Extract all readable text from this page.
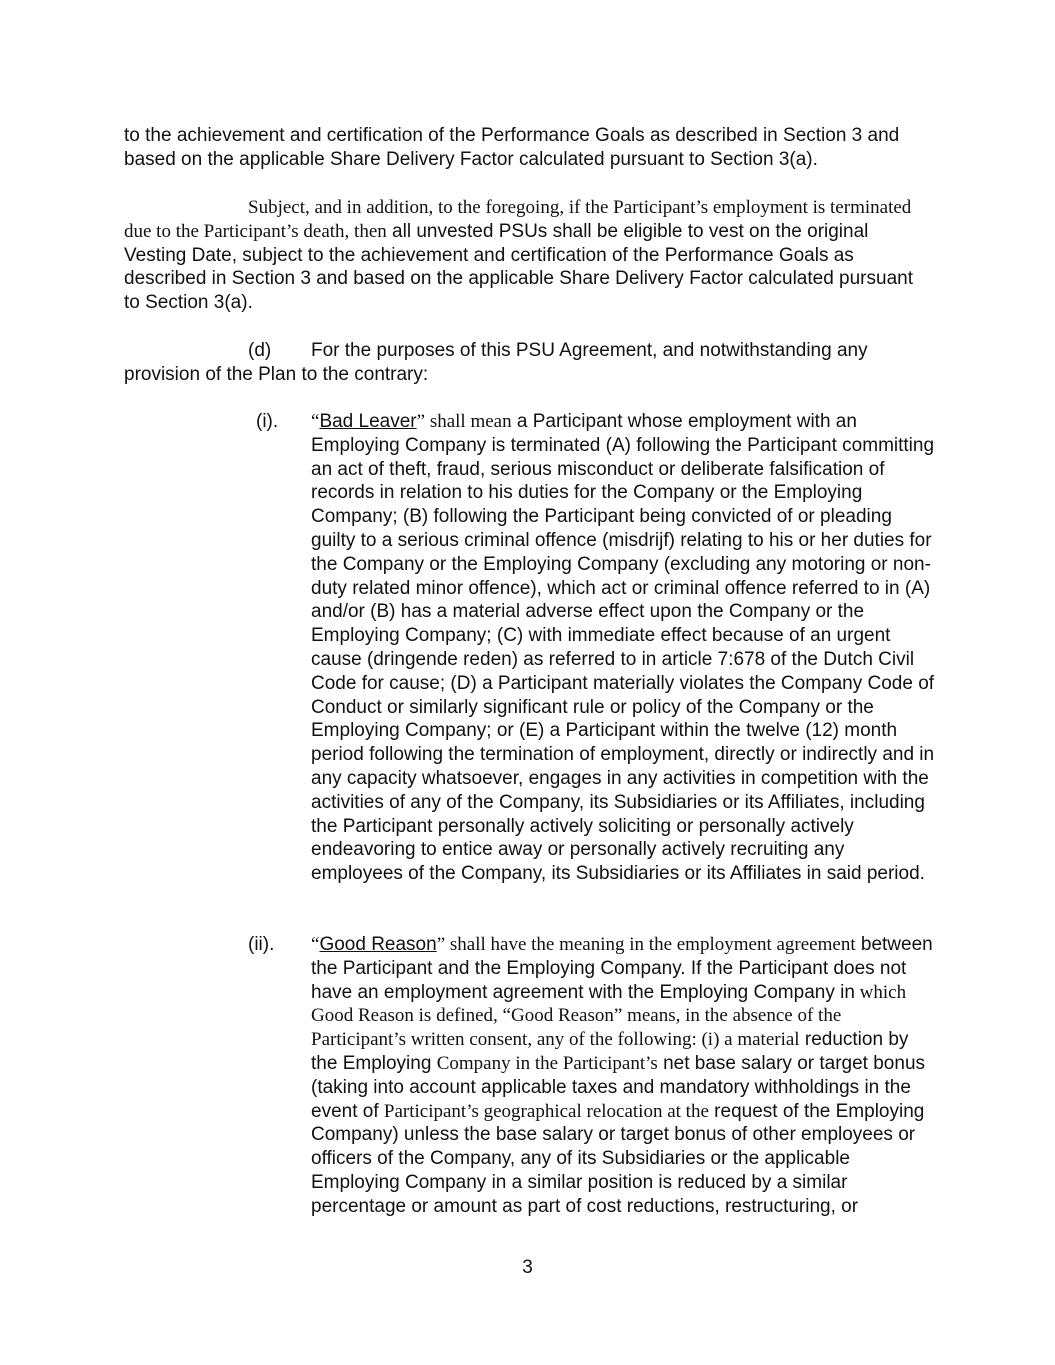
to the achievement and certification of the Performance Goals as described in Section 3 and based on the applicable Share Delivery Factor calculated pursuant to Section 3(a).

Subject, and in addition, to the foregoing, if the Participant’s employment is terminated due to the Participant’s death, then all unvested PSUs shall be eligible to vest on the original Vesting Date, subject to the achievement and certification of the Performance Goals as described in Section 3 and based on the applicable Share Delivery Factor calculated pursuant to Section 3(a).

(d) For the purposes of this PSU Agreement, and notwithstanding any provision of the Plan to the contrary:

(i). “Bad Leaver” shall mean a Participant whose employment with an Employing Company is terminated (A) following the Participant committing an act of theft, fraud, serious misconduct or deliberate falsification of records in relation to his duties for the Company or the Employing Company; (B) following the Participant being convicted of or pleading guilty to a serious criminal offence (misdrijf) relating to his or her duties for the Company or the Employing Company (excluding any motoring or non-duty related minor offence), which act or criminal offence referred to in (A) and/or (B) has a material adverse effect upon the Company or the Employing Company; (C) with immediate effect because of an urgent cause (dringende reden) as referred to in article 7:678 of the Dutch Civil Code for cause; (D) a Participant materially violates the Company Code of Conduct or similarly significant rule or policy of the Company or the Employing Company; or (E) a Participant within the twelve (12) month period following the termination of employment, directly or indirectly and in any capacity whatsoever, engages in any activities in competition with the activities of any of the Company, its Subsidiaries or its Affiliates, including the Participant personally actively soliciting or personally actively endeavoring to entice away or personally actively recruiting any employees of the Company, its Subsidiaries or its Affiliates in said period.

(ii). “Good Reason” shall have the meaning in the employment agreement between the Participant and the Employing Company. If the Participant does not have an employment agreement with the Employing Company in which Good Reason is defined, “Good Reason” means, in the absence of the Participant’s written consent, any of the following: (i) a material reduction by the Employing Company in the Participant’s net base salary or target bonus (taking into account applicable taxes and mandatory withholdings in the event of Participant’s geographical relocation at the request of the Employing Company) unless the base salary or target bonus of other employees or officers of the Company, any of its Subsidiaries or the applicable Employing Company in a similar position is reduced by a similar percentage or amount as part of cost reductions, restructuring, or

3
